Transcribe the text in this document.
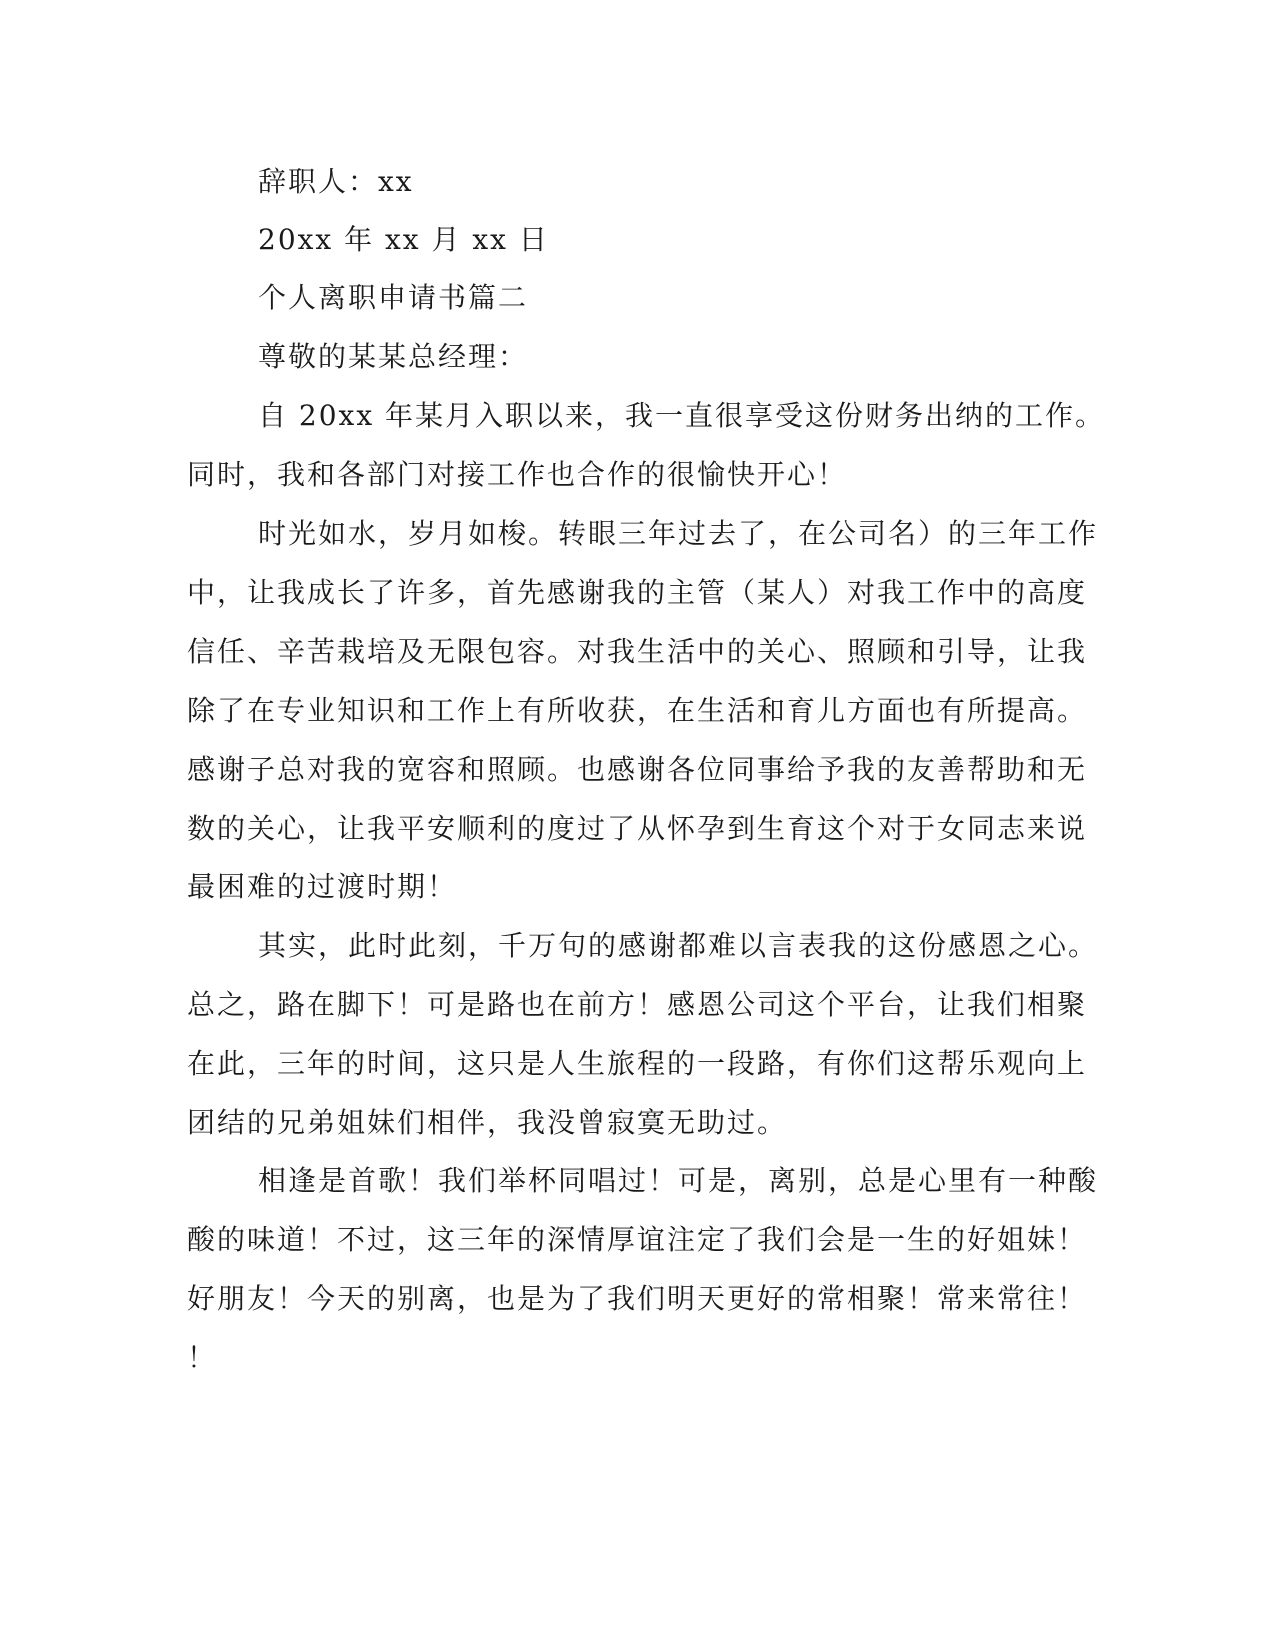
辞职人：xx
20xx 年 xx 月 xx 日
个人离职申请书篇二
尊敬的某某总经理：
自 20xx 年某月入职以来，我一直很享受这份财务出纳的工作。
同时，我和各部门对接工作也合作的很愉快开心！
时光如水，岁月如梭。转眼三年过去了，在公司名）的三年工作
中，让我成长了许多，首先感谢我的主管（某人）对我工作中的高度
信任、辛苦栽培及无限包容。对我生活中的关心、照顾和引导，让我
除了在专业知识和工作上有所收获，在生活和育儿方面也有所提高。
感谢子总对我的宽容和照顾。也感谢各位同事给予我的友善帮助和无
数的关心，让我平安顺利的度过了从怀孕到生育这个对于女同志来说
最困难的过渡时期！
其实，此时此刻，千万句的感谢都难以言表我的这份感恩之心。
总之，路在脚下！可是路也在前方！感恩公司这个平台，让我们相聚
在此，三年的时间，这只是人生旅程的一段路，有你们这帮乐观向上
团结的兄弟姐妹们相伴，我没曾寂寞无助过。
相逢是首歌！我们举杯同唱过！可是，离别，总是心里有一种酸
酸的味道！不过，这三年的深情厚谊注定了我们会是一生的好姐妹！
好朋友！今天的别离，也是为了我们明天更好的常相聚！常来常往！
！
